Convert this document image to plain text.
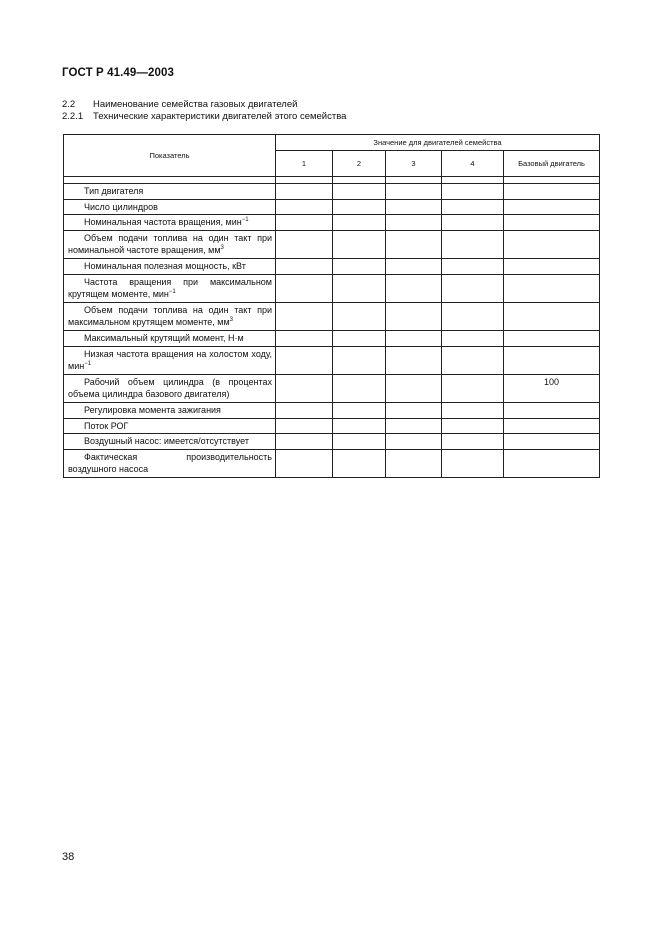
ГОСТ Р 41.49—2003
2.2 Наименование семейства газовых двигателей
2.2.1 Технические характеристики двигателей этого семейства
Показатель	Значение для двигателей семейства				
	1	2	3	4	Базовый двигатель

Тип двигателя					
Число цилиндров					
Номинальная частота вращения, мин$^{-1}$					
Объем подачи топлива на один такт при номинальной частоте вращения, $мм^3$					
Номинальная полезная мощность, кВт					
Частота вращения при максимальном крутящем моменте, мин$^{-1}$					
Объем подачи топлива на один такт при максимальном крутящем моменте, $мм^3$					
Максимальный крутящий момент, Н·м					
Низкая частота вращения на холостом ходу, мин$^{-1}$					
Рабочий объем цилиндра (в процентах объема цилиндра базового двигателя)					100
Регулировка момента зажигания					
Поток РОГ					
Воздушный насос: имеется/отсутствует					
Фактическая производительность воздушного насоса					
38
